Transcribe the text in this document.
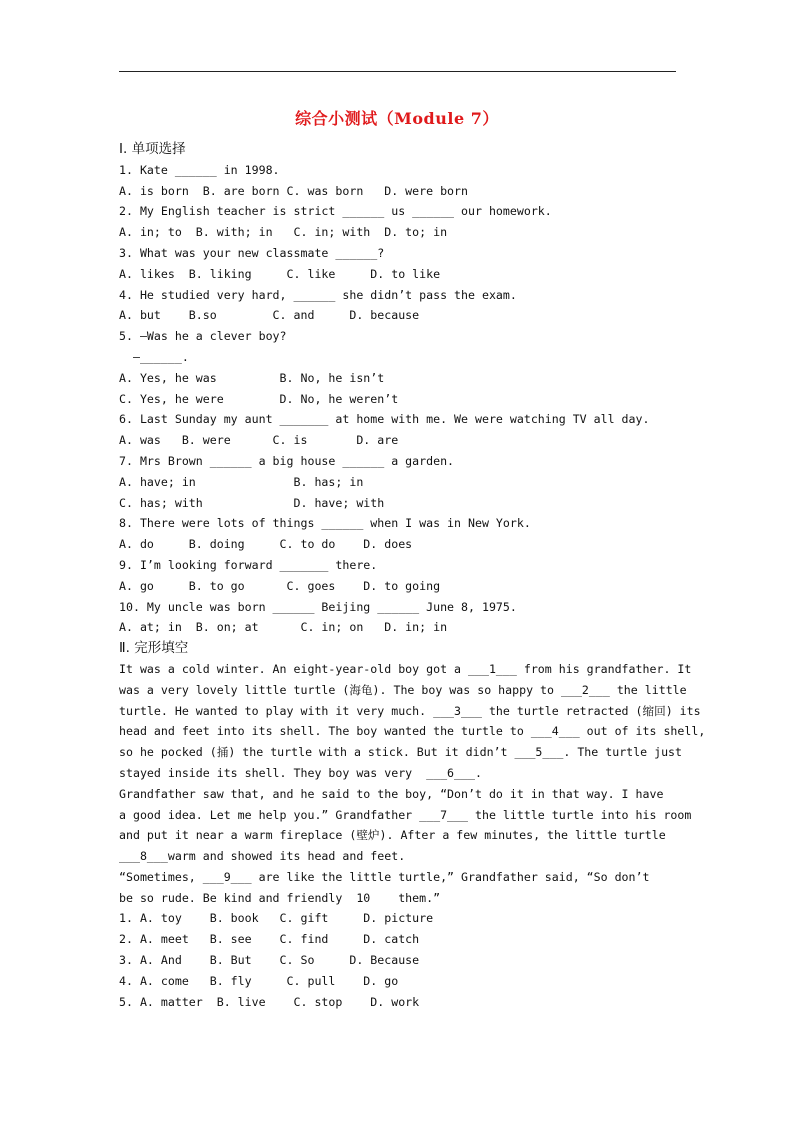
综合小测试（Module 7）
Ⅰ. 单项选择
1. Kate ______ in 1998.
A. is born  B. are born C. was born   D. were born
2. My English teacher is strict ______ us ______ our homework.
A. in; to  B. with; in   C. in; with  D. to; in
3. What was your new classmate ______?
A. likes  B. liking     C. like     D. to like
4. He studied very hard, ______ she didn’t pass the exam.
A. but    B.so        C. and     D. because
5. —Was he a clever boy?
—______.
A. Yes, he was         B. No, he isn’t
C. Yes, he were        D. No, he weren’t
6. Last Sunday my aunt _______ at home with me. We were watching TV all day.
A. was   B. were      C. is       D. are
7. Mrs Brown ______ a big house ______ a garden.
A. have; in              B. has; in
C. has; with             D. have; with
8. There were lots of things ______ when I was in New York.
A. do     B. doing     C. to do    D. does
9. I’m looking forward _______ there.
A. go     B. to go      C. goes    D. to going
10. My uncle was born ______ Beijing ______ June 8, 1975.
A. at; in  B. on; at      C. in; on   D. in; in
Ⅱ. 完形填空
It was a cold winter. An eight-year-old boy got a ___1___ from his grandfather. It
was a very lovely little turtle (海龟). The boy was so happy to ___2___ the little
turtle. He wanted to play with it very much. ___3___ the turtle retracted (缩回) its
head and feet into its shell. The boy wanted the turtle to ___4___ out of its shell,
so he pocked (捅) the turtle with a stick. But it didn’t ___5___. The turtle just
stayed inside its shell. They boy was very  ___6___.
Grandfather saw that, and he said to the boy, “Don’t do it in that way. I have
a good idea. Let me help you.” Grandfather ___7___ the little turtle into his room
and put it near a warm fireplace (壁炉). After a few minutes, the little turtle
___8___warm and showed its head and feet.
“Sometimes, ___9___ are like the little turtle,” Grandfather said, “So don’t
be so rude. Be kind and friendly  10    them.”
1. A. toy    B. book   C. gift     D. picture
2. A. meet   B. see    C. find     D. catch
3. A. And    B. But    C. So     D. Because
4. A. come   B. fly     C. pull    D. go
5. A. matter  B. live    C. stop    D. work
